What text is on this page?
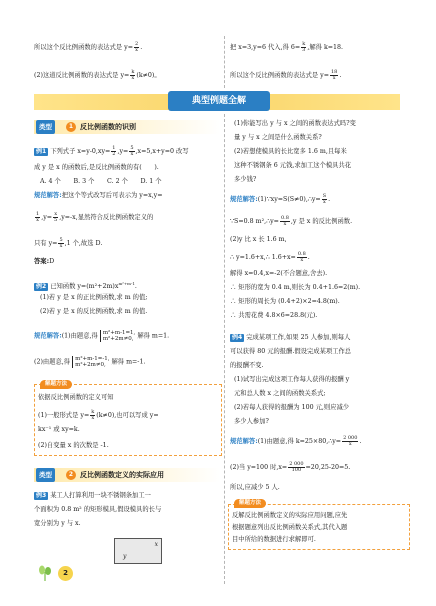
所以这个反比例函数的表达式是 $y= \frac{2}{x}$ .
(2)这道反比例函数的表达式是 $y= \frac{k}{x} (k\ne 0)$。
把 x=3,y=6 代入,得 $6= \frac{k}{3}$ ,解得 k=18.
所以这个反比例函数的表达式是 $y= \frac{18}{x}$ .
典型例题全解
类型	1 反比例函数的识别
例1 下列式子 $x=y-0,xy= \frac{1}{2} ,y= \frac{5}{x} ,x=5,x+y=0$ 改写
成 y 是 x 的函数后,是反比例函数的有(　　).
A. 4 个　　B. 3 个　　C. 2 个　　D. 1 个
规范解答:把这个等式改写后可表示为 y=x,y=
$\frac{1}{x} ,y= \frac{x}{5} ,y=-x$,显然符合反比例函数定义的
只有 $y= \frac{5}{x} ,1$ 个,故选 D.
答案:D
例2 已知函数 $y=(m^2+2m)x^{m^2+m-1}$.
(1)若 y 是 x 的正比例函数,求 m 的值;
(2)若 y 是 x 的反比例函数,求 m 的值.
规范解答:(1)由题意,得 m²+m-1=1,
m²+2m≠0, 解得 m=1.
(2)由题意,得 m²+m-1=-1,
m²+2m≠0, 解得 m=-1.
解题方法
依据反比例函数的定义可知
(1)一般形式是 $y= \frac{k}{x} (k\ne 0)$,也可以写成 y=
kx⁻¹ 或 xy=k.
(2)自变量 x 的次数是 -1.
类型	2 反比例函数定义的实际应用
例3 某工人打算利用一块不锈钢条加工一
个面积为 0.8 m² 的矩形模具,假设模具的长与
宽分别为 y 与 x.
y
x
2
(1)你能写出 y 与 x 之间的函数表达式吗?变
量 y 与 x 之间是什么函数关系?
(2)若想使模具的长比宽多 1.6 m,且每米
这种不锈钢条 6 元钱,求加工这个模具共花
多少钱?
规范解答:(1)∵xy=S(S≠0),∴y= $\frac{S}{x}$ .
∵S=0.8 m²,∴y= $\frac{0.8}{x} ,y$ 是 x 的反比例函数.
(2)y 比 x 长 1.6 m,
∴ y=1.6+x,∴ $1.6+x= \frac{0.8}{x}$ .
解得 x=0.4,x=-2(不合题意,舍去).
∴ 矩形的宽为 0.4 m,则长为 0.4+1.6=2(m).
∴ 矩形的周长为 (0.4+2)×2=4.8(m).
∴ 共需花费 4.8×6=28.8(元).
例4 完成某项工作,如果 25 人参加,则每人
可以获得 80 元的报酬.假设完成某项工作总
的报酬不变.
(1)试写出完成这项工作每人获得的报酬 y
元和总人数 x 之间的函数关系式;
(2)若每人获得的报酬为 100 元,则应减少
多少人参加?
规范解答:(1)由题意,得 k=25×80,∴y= $\frac{2 000}{x}$ .
(2)当 y=100 时$,x= \frac{2 000}{100} =20,25-20=5$.
所以,应减少 5 人.
解题方法
反解反比例函数定义的实际应用问题,应先
根据题意列出反比例函数关系式,其代入题
目中所给的数据进行求解即可.
